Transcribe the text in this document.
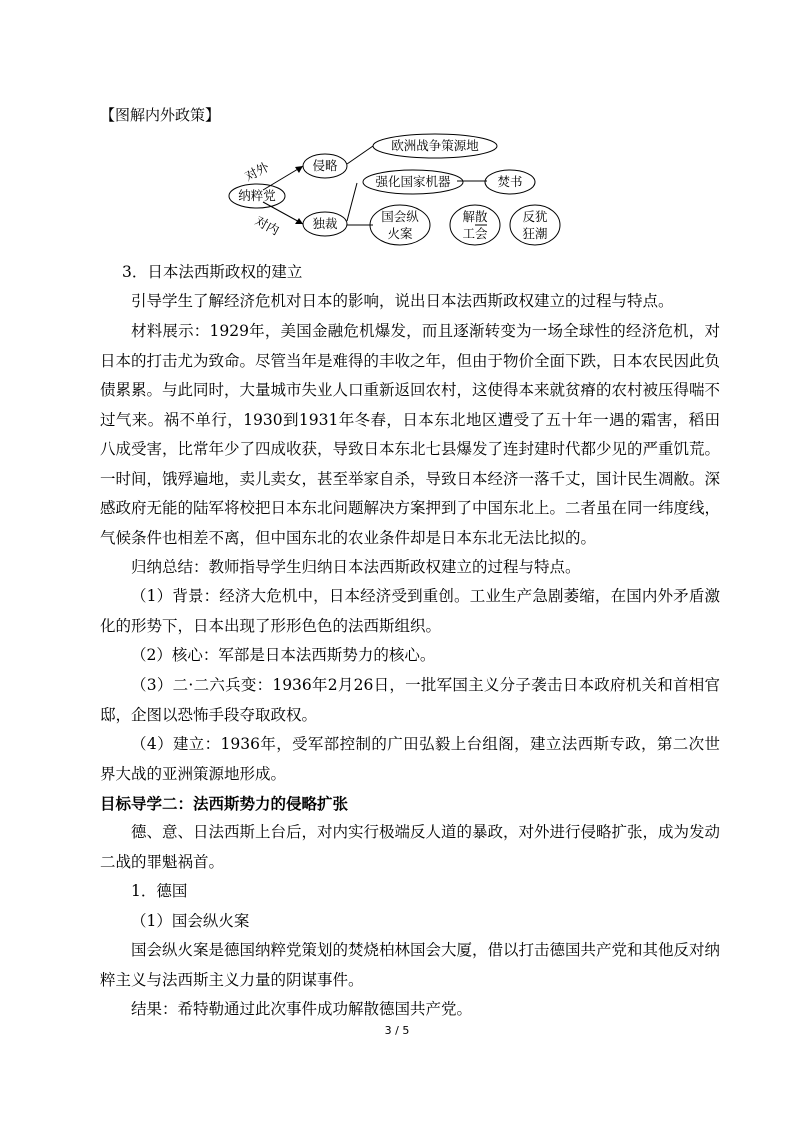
【图解内外政策】
对外
对内
纳粹党
侵略
独裁
欧洲战争策源地
强化国家机器	焚书
国会纵
火案
解散
工会
反犹
狂潮
3．日本法西斯政权的建立
引导学生了解经济危机对日本的影响，说出日本法西斯政权建立的过程与特点。
材料展示：1929年，美国金融危机爆发，而且逐渐转变为一场全球性的经济危机，对日本的打击尤为致命。尽管当年是难得的丰收之年，但由于物价全面下跌，日本农民因此负债累累。与此同时，大量城市失业人口重新返回农村，这使得本来就贫瘠的农村被压得喘不过气来。祸不单行，1930到1931年冬春，日本东北地区遭受了五十年一遇的霜害，稻田八成受害，比常年少了四成收获，导致日本东北七县爆发了连封建时代都少见的严重饥荒。一时间，饿殍遍地，卖儿卖女，甚至举家自杀，导致日本经济一落千丈，国计民生凋敝。深感政府无能的陆军将校把日本东北问题解决方案押到了中国东北上。二者虽在同一纬度线，气候条件也相差不离，但中国东北的农业条件却是日本东北无法比拟的。
归纳总结：教师指导学生归纳日本法西斯政权建立的过程与特点。
（1）背景：经济大危机中，日本经济受到重创。工业生产急剧萎缩，在国内外矛盾激化的形势下，日本出现了形形色色的法西斯组织。
（2）核心：军部是日本法西斯势力的核心。
（3）二·二六兵变：1936年2月26日，一批军国主义分子袭击日本政府机关和首相官邸，企图以恐怖手段夺取政权。
（4）建立：1936年，受军部控制的广田弘毅上台组阁，建立法西斯专政，第二次世界大战的亚洲策源地形成。
目标导学二：法西斯势力的侵略扩张
德、意、日法西斯上台后，对内实行极端反人道的暴政，对外进行侵略扩张，成为发动二战的罪魁祸首。
1．德国
（1）国会纵火案
国会纵火案是德国纳粹党策划的焚烧柏林国会大厦，借以打击德国共产党和其他反对纳粹主义与法西斯主义力量的阴谋事件。
结果：希特勒通过此次事件成功解散德国共产党。
3 / 5
